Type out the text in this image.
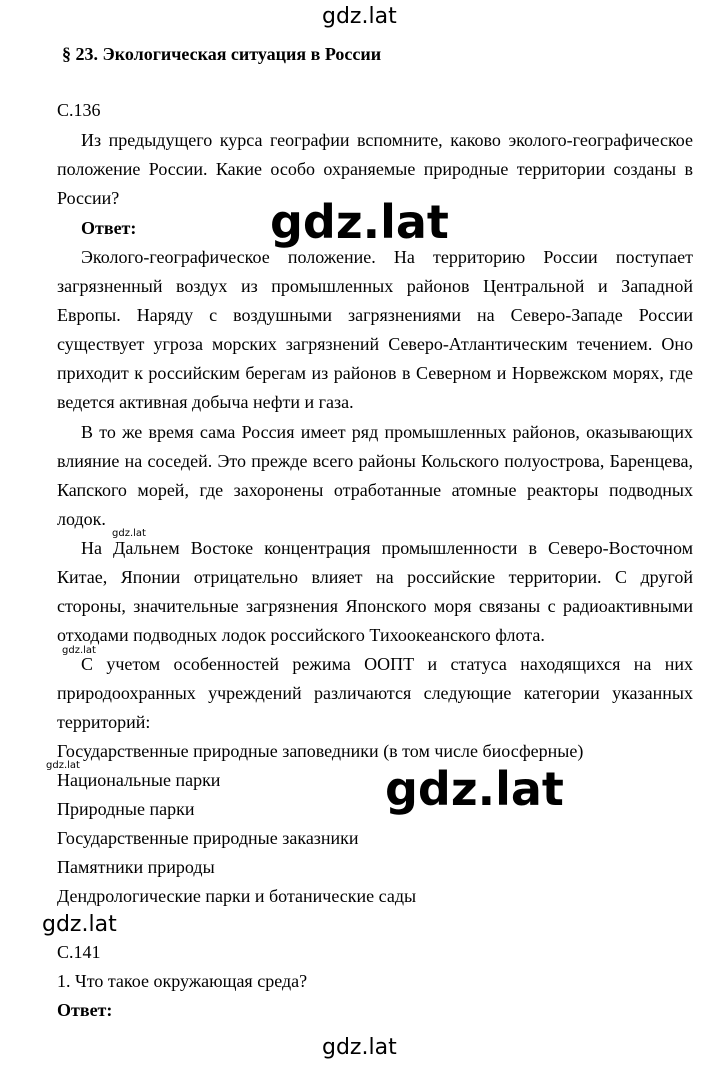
gdz.lat
gdz.lat
gdz.lat
gdz.lat
gdz.lat
gdz.lat
gdz.lat
gdz.lat
§ 23. Экологическая ситуация в России
С.136
Из предыдущего курса географии вспомните, каково эколого-географическое положение России. Какие особо охраняемые природные территории созданы в России?
Ответ:
Эколого-географическое положение. На территорию России поступает загрязненный воздух из промышленных районов Центральной и Западной Европы. Наряду с воздушными загрязнениями на Северо-Западе России существует угроза морских загрязнений Северо-Атлантическим течением. Оно приходит к российским берегам из районов в Северном и Норвежском морях, где ведется активная добыча нефти и газа.
В то же время сама Россия имеет ряд промышленных районов, оказывающих влияние на соседей. Это прежде всего районы Кольского полуострова, Баренцева, Капского морей, где захоронены отработанные атомные реакторы подводных лодок.
На Дальнем Востоке концентрация промышленности в Северо-Восточном Китае, Японии отрицательно влияет на российские территории. С другой стороны, значительные загрязнения Японского моря связаны с радиоактивными отходами подводных лодок российского Тихоокеанского флота.
С учетом особенностей режима ООПТ и статуса находящихся на них природоохранных учреждений различаются следующие категории указанных территорий:
Государственные природные заповедники (в том числе биосферные)
Национальные парки
Природные парки
Государственные природные заказники
Памятники природы
Дендрологические парки и ботанические сады
С.141
1. Что такое окружающая среда?
Ответ:
